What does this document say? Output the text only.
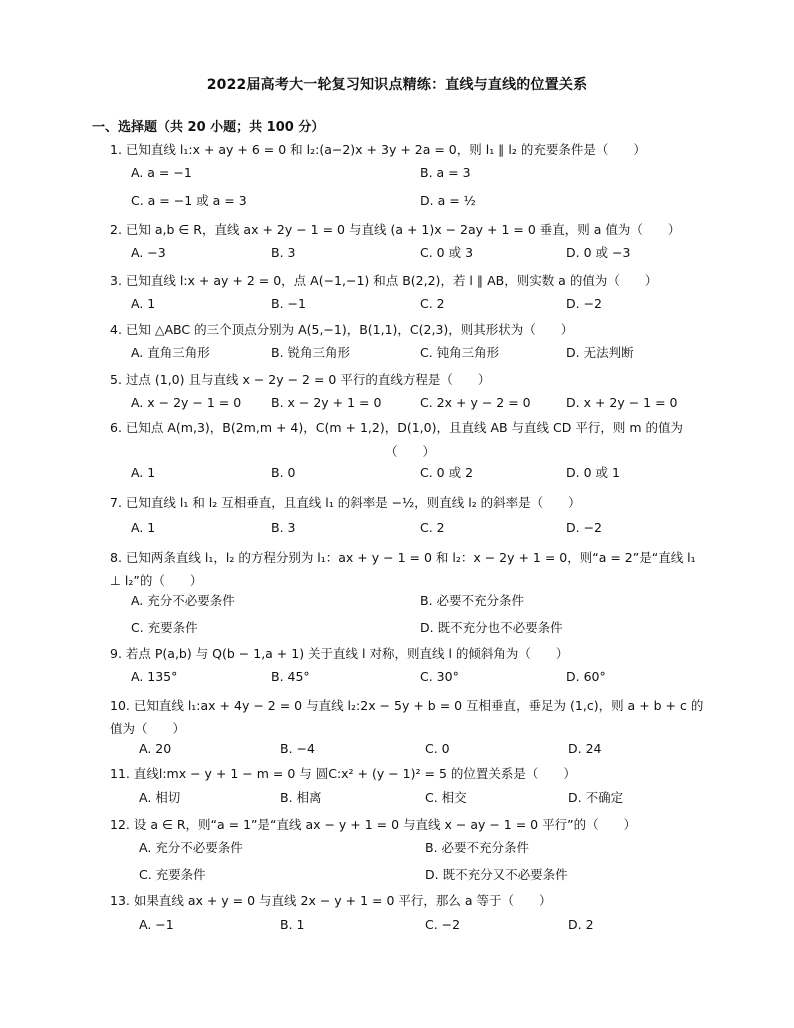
2022届高考大一轮复习知识点精练：直线与直线的位置关系
一、选择题（共 20 小题；共 100 分）
1. 已知直线 l₁:x + ay + 6 = 0 和 l₂:(a−2)x + 3y + 2a = 0，则 l₁ ∥ l₂ 的充要条件是（　　）
A. a = −1	B. a = 3
C. a = −1 或 a = 3	D. a = ½
2. 已知 a,b ∈ R，直线 ax + 2y − 1 = 0 与直线 (a + 1)x − 2ay + 1 = 0 垂直，则 a 值为（　　）
A. −3	B. 3	C. 0 或 3	D. 0 或 −3
3. 已知直线 l:x + ay + 2 = 0，点 A(−1,−1) 和点 B(2,2)，若 l ∥ AB，则实数 a 的值为（　　）
A. 1	B. −1	C. 2	D. −2
4. 已知 △ABC 的三个顶点分别为 A(5,−1)，B(1,1)，C(2,3)，则其形状为（　　）
A. 直角三角形	B. 锐角三角形	C. 钝角三角形	D. 无法判断
5. 过点 (1,0) 且与直线 x − 2y − 2 = 0 平行的直线方程是（　　）
A. x − 2y − 1 = 0 B. x − 2y + 1 = 0	C. 2x + y − 2 = 0	D. x + 2y − 1 = 0
6. 已知点 A(m,3)，B(2m,m + 4)，C(m + 1,2)，D(1,0)，且直线 AB 与直线 CD 平行，则 m 的值为
（　　）
A. 1	B. 0	C. 0 或 2	D. 0 或 1
7. 已知直线 l₁ 和 l₂ 互相垂直，且直线 l₁ 的斜率是 −½，则直线 l₂ 的斜率是（　　）
A. 1	B. 3	C. 2	D. −2
8. 已知两条直线 l₁，l₂ 的方程分别为 l₁：ax + y − 1 = 0 和 l₂：x − 2y + 1 = 0，则“a = 2”是“直线 l₁ ⊥ l₂”的（　　）
A. 充分不必要条件	B. 必要不充分条件
C. 充要条件	D. 既不充分也不必要条件
9. 若点 P(a,b) 与 Q(b − 1,a + 1) 关于直线 l 对称，则直线 l 的倾斜角为（　　）
A. 135°	B. 45°	C. 30°	D. 60°
10. 已知直线 l₁:ax + 4y − 2 = 0 与直线 l₂:2x − 5y + b = 0 互相垂直，垂足为 (1,c)，则 a + b + c 的值为（　　）
A. 20	B. −4	C. 0	D. 24
11. 直线l:mx − y + 1 − m = 0 与 圆C:x² + (y − 1)² = 5 的位置关系是（　　）
A. 相切	B. 相离	C. 相交	D. 不确定
12. 设 a ∈ R，则“a = 1”是“直线 ax − y + 1 = 0 与直线 x − ay − 1 = 0 平行”的（　　）
A. 充分不必要条件	B. 必要不充分条件
C. 充要条件	D. 既不充分又不必要条件
13. 如果直线 ax + y = 0 与直线 2x − y + 1 = 0 平行，那么 a 等于（　　）
A. −1	B. 1	C. −2	D. 2
